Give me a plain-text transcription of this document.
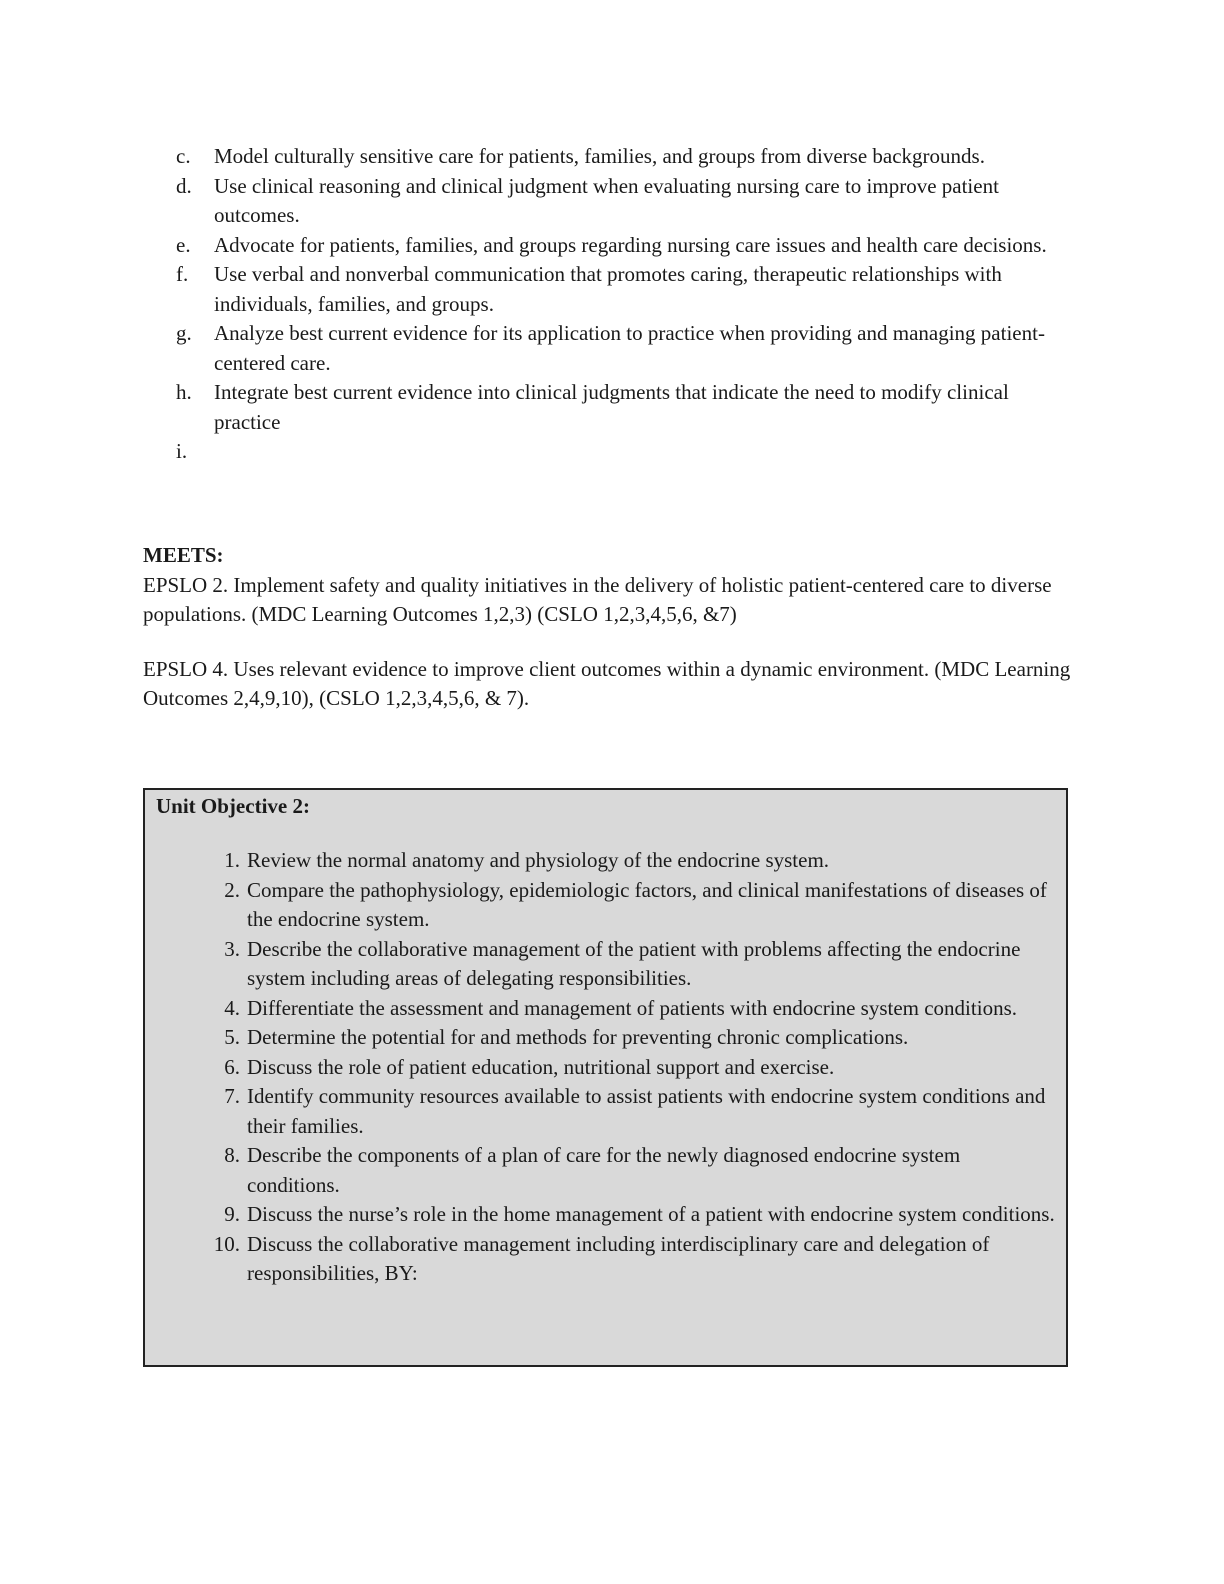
c. Model culturally sensitive care for patients, families, and groups from diverse backgrounds.
d. Use clinical reasoning and clinical judgment when evaluating nursing care to improve patient outcomes.
e. Advocate for patients, families, and groups regarding nursing care issues and health care decisions.
f. Use verbal and nonverbal communication that promotes caring, therapeutic relationships with individuals, families, and groups.
g. Analyze best current evidence for its application to practice when providing and managing patient-centered care.
h. Integrate best current evidence into clinical judgments that indicate the need to modify clinical practice
i.

MEETS:

EPSLO 2. Implement safety and quality initiatives in the delivery of holistic patient-centered care to diverse populations. (MDC Learning Outcomes 1,2,3) (CSLO 1,2,3,4,5,6, &7)

EPSLO 4. Uses relevant evidence to improve client outcomes within a dynamic environment. (MDC Learning Outcomes 2,4,9,10), (CSLO 1,2,3,4,5,6, & 7).

Unit Objective 2:
1. Review the normal anatomy and physiology of the endocrine system.
2. Compare the pathophysiology, epidemiologic factors, and clinical manifestations of diseases of the endocrine system.
3. Describe the collaborative management of the patient with problems affecting the endocrine system including areas of delegating responsibilities.
4. Differentiate the assessment and management of patients with endocrine system conditions.
5. Determine the potential for and methods for preventing chronic complications.
6. Discuss the role of patient education, nutritional support and exercise.
7. Identify community resources available to assist patients with endocrine system conditions and their families.
8. Describe the components of a plan of care for the newly diagnosed endocrine system conditions.
9. Discuss the nurse’s role in the home management of a patient with endocrine system conditions.
10. Discuss the collaborative management including interdisciplinary care and delegation of responsibilities, BY:
